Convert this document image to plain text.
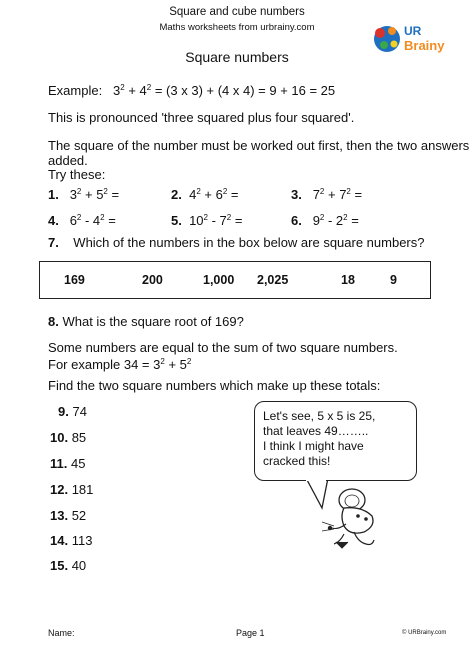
Square and cube numbers
Maths worksheets from urbrainy.com	UR
Brainy
Square numbers
Example: $3^2 + 4^2 = (3$ x 3) + (4 x 4) = 9 + 16 = 25
This is pronounced 'three squared plus four squared'.
The square of the number must be worked out first, then the two answers
added.
Try these:
1. $3^2 + 5^2$ =	2. $4^2 + 6^2$ =	3. $7^2 + 7^2$ =
4. $6^2 - 4^2$ =	5. $10^2 - 7^2$ =	6. $9^2 - 2^2$ =
7. Which of the numbers in the box below are square numbers?
169	200	1,000 2,025	18	9
8. What is the square root of 169?
Some numbers are equal to the sum of two square numbers.
For example $34 = 3^2 + 5^2$
Find the two square numbers which make up these totals:
9. 74
10. 85
11. 45
12. 181
13. 52
14. 113
15. 40
Let's see, 5 x 5 is 25,
that leaves 49……..
I think I might have
cracked this!
Name:	Page 1	© URBrainy.com
